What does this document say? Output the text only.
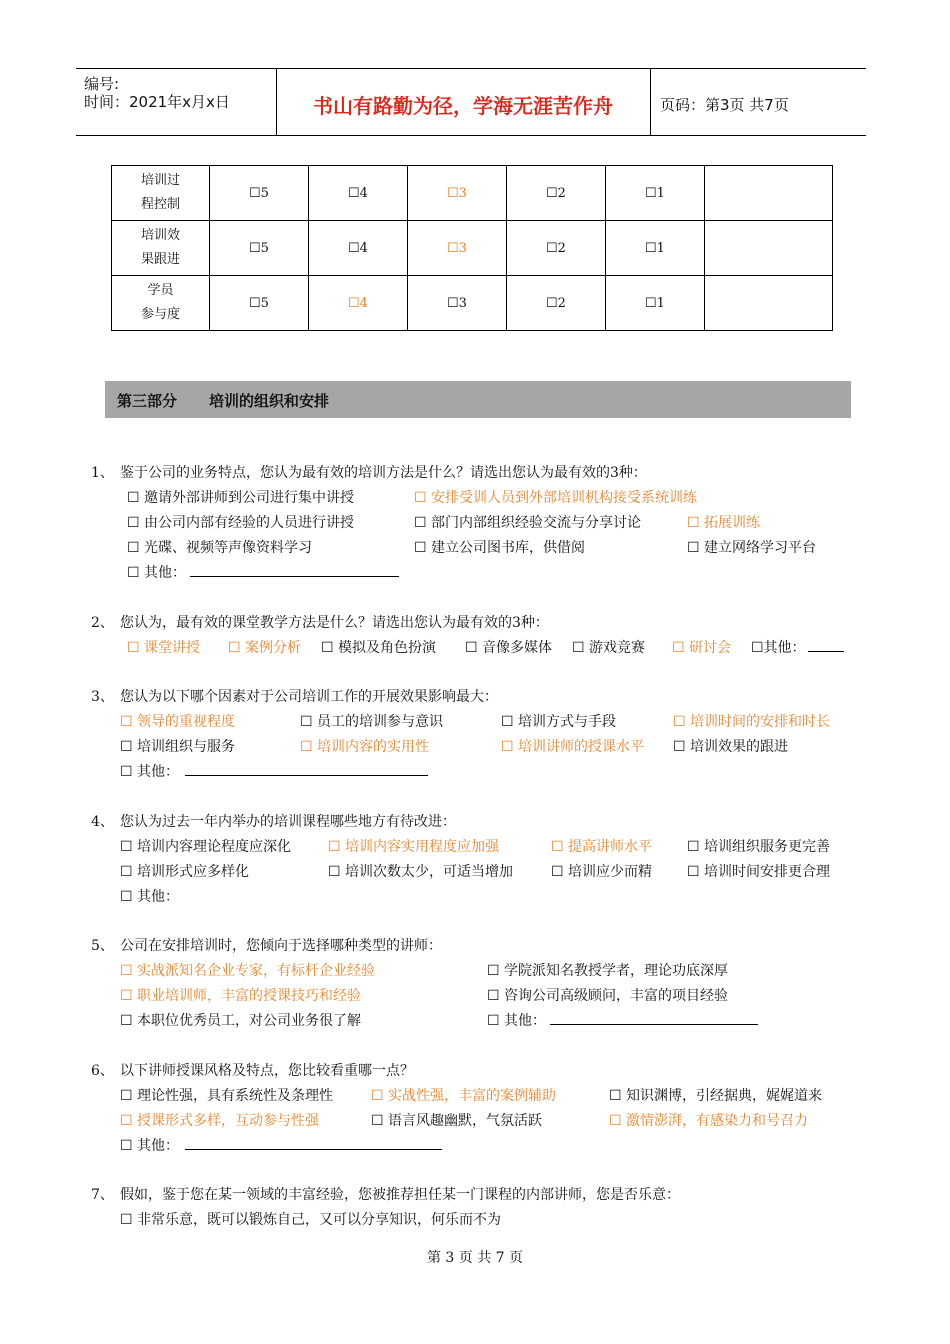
编号:
时间：2021年x月x日	书山有路勤为径，学海无涯苦作舟	页码：第3页 共7页
培训过
程控制	☐5	☐4	☐3	☐2	☐1	
培训效
果跟进	☐5	☐4	☐3	☐2	☐1	
学员
参与度	☐5	☐4	☐3	☐2	☐1	
第三部分 培训的组织和安排
1、 鉴于公司的业务特点，您认为最有效的培训方法是什么？请选出您认为最有效的3种：
☐ 邀请外部讲师到公司进行集中讲授	☐ 安排受训人员到外部培训机构接受系统训练
☐ 由公司内部有经验的人员进行讲授	☐ 部门内部组织经验交流与分享讨论	☐ 拓展训练
☐ 光碟、视频等声像资料学习	☐ 建立公司图书库，供借阅	☐ 建立网络学习平台
☐ 其他：
2、 您认为，最有效的课堂教学方法是什么？请选出您认为最有效的3种：
☐ 课堂讲授 ☐ 案例分析 ☐ 模拟及角色扮演 ☐ 音像多媒体 ☐ 游戏竞赛 ☐ 研讨会 ☐其他：
3、 您认为以下哪个因素对于公司培训工作的开展效果影响最大：
☐ 领导的重视程度	☐ 员工的培训参与意识	☐ 培训方式与手段	☐ 培训时间的安排和时长
☐ 培训组织与服务	☐ 培训内容的实用性	☐ 培训讲师的授课水平 ☐ 培训效果的跟进
☐ 其他：
4、 您认为过去一年内举办的培训课程哪些地方有待改进：
☐ 培训内容理论程度应深化	☐ 培训内容实用程度应加强	☐ 提高讲师水平 ☐ 培训组织服务更完善
☐ 培训形式应多样化	☐ 培训次数太少，可适当增加	☐ 培训应少而精 ☐ 培训时间安排更合理
☐ 其他：
5、 公司在安排培训时，您倾向于选择哪种类型的讲师：
☐ 实战派知名企业专家，有标杆企业经验	☐ 学院派知名教授学者，理论功底深厚
☐ 职业培训师，丰富的授课技巧和经验	☐ 咨询公司高级顾问，丰富的项目经验
☐ 本职位优秀员工，对公司业务很了解	☐ 其他：
6、 以下讲师授课风格及特点，您比较看重哪一点？
☐ 理论性强，具有系统性及条理性	☐ 实战性强，丰富的案例辅助	☐ 知识渊博，引经据典，娓娓道来
☐ 授课形式多样，互动参与性强	☐ 语言风趣幽默，气氛活跃	☐ 激情澎湃，有感染力和号召力
☐ 其他：
7、 假如，鉴于您在某一领域的丰富经验，您被推荐担任某一门课程的内部讲师，您是否乐意：
☐ 非常乐意，既可以锻炼自己，又可以分享知识，何乐而不为
第 3 页 共 7 页
